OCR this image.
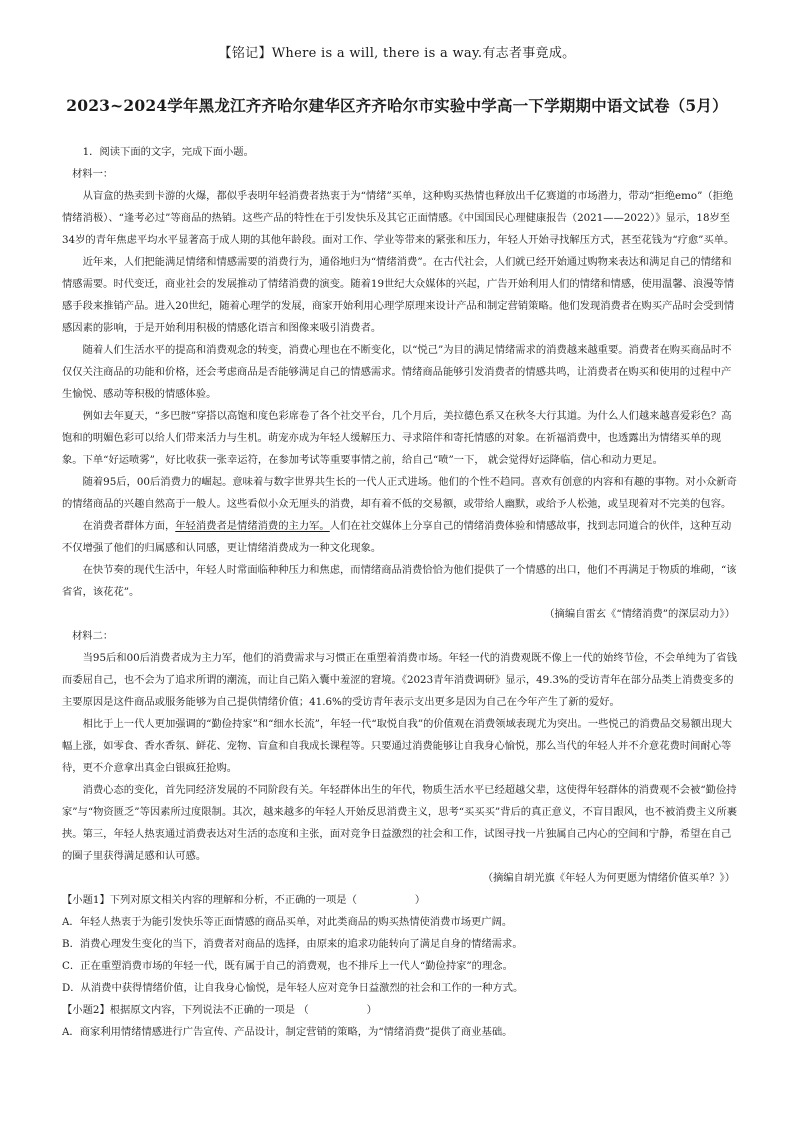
【铭记】Where is a will, there is a way.有志者事竟成。
2023~2024学年黑龙江齐齐哈尔建华区齐齐哈尔市实验中学高一下学期期中语文试卷（5月）

1．阅读下面的文字，完成下面小题。

材料一：

从盲盒的热卖到卡游的火爆，都似乎表明年轻消费者热衷于为“情绪”买单，这种购买热情也释放出千亿赛道的市场潜力，带动“拒绝emo”（拒绝情绪消极）、“逢考必过”等商品的热销。这些产品的特性在于引发快乐及其它正面情感。《中国国民心理健康报告（2021——2022）》显示，18岁至34岁的青年焦虑平均水平显著高于成人期的其他年龄段。面对工作、学业等带来的紧张和压力，年轻人开始寻找解压方式，甚至花钱为“疗愈”买单。

近年来，人们把能满足情绪和情感需要的消费行为，通俗地归为“情绪消费”。在古代社会，人们就已经开始通过购物来表达和满足自己的情绪和情感需要。时代变迁，商业社会的发展推动了情绪消费的演变。随着19世纪大众媒体的兴起，广告开始利用人们的情绪和情感，使用温馨、浪漫等情感手段来推销产品。进入20世纪，随着心理学的发展，商家开始利用心理学原理来设计产品和制定营销策略。他们发现消费者在购买产品时会受到情感因素的影响，于是开始利用积极的情感化语言和图像来吸引消费者。

随着人们生活水平的提高和消费观念的转变，消费心理也在不断变化，以“悦己”为目的满足情绪需求的消费越来越重要。消费者在购买商品时不仅仅关注商品的功能和价格，还会考虑商品是否能够满足自己的情感需求。情绪商品能够引发消费者的情感共鸣，让消费者在购买和使用的过程中产生愉悦、感动等积极的情感体验。

例如去年夏天，“多巴胺”穿搭以高饱和度色彩席卷了各个社交平台，几个月后，美拉德色系又在秋冬大行其道。为什么人们越来越喜爱彩色？高饱和的明媚色彩可以给人们带来活力与生机。萌宠亦成为年轻人缓解压力、寻求陪伴和寄托情感的对象。在祈福消费中，也透露出为情绪买单的现象。下单“好运喷雾”，好比收获一张幸运符，在参加考试等重要事情之前，给自己“喷”一下， 就会觉得好运降临，信心和动力更足。

随着95后，00后消费力的崛起。意味着与数字世界共生长的一代人正式进场。他们的个性不趋同。喜欢有创意的内容和有趣的事物。对小众新奇的情绪商品的兴趣自然高于一般人。这些看似小众无厘头的消费，却有着不低的交易额，或带给人幽默，或给予人松弛，或呈现着对不完美的包容。

在消费者群体方面，年轻消费者是情绪消费的主力军。人们在社交媒体上分享自己的情绪消费体验和情感故事，找到志同道合的伙伴，这种互动不仅增强了他们的归属感和认同感，更让情绪消费成为一种文化现象。

在快节奏的现代生活中，年轻人时常面临种种压力和焦虑，而情绪商品消费恰恰为他们提供了一个情感的出口，他们不再满足于物质的堆砌，“该省省，该花花”。

（摘编自雷玄《“情绪消费”的深层动力》）

材料二：

当95后和00后消费者成为主力军，他们的消费需求与习惯正在重塑着消费市场。年轻一代的消费观既不像上一代的始终节俭，不会单纯为了省钱而委屈自己，也不会为了追求所谓的潮流，而让自己陷入囊中羞涩的窘境。《2023青年消费调研》显示，49.3%的受访青年在部分品类上消费变多的主要原因是这件商品或服务能够为自己提供情绪价值；41.6%的受访青年表示支出更多是因为自己在今年产生了新的爱好。

相比于上一代人更加强调的“勤俭持家”和“细水长流”，年轻一代“取悦自我”的价值观在消费领域表现尤为突出。一些悦己的消费品交易额出现大幅上涨，如零食、香水香氛、鲜花、宠物、盲盒和自我成长课程等。只要通过消费能够让自我身心愉悦，那么当代的年轻人并不介意花费时间耐心等待，更不介意拿出真金白银疯狂抢购。

消费心态的变化，首先同经济发展的不同阶段有关。年轻群体出生的年代，物质生活水平已经超越父辈，这使得年轻群体的消费观不会被“勤俭持家”与“物资匮乏”等因素所过度限制。其次，越来越多的年轻人开始反思消费主义，思考“买买买”背后的真正意义，不盲目跟风，也不被消费主义所裹挟。第三，年轻人热衷通过消费表达对生活的态度和主张，面对竞争日益激烈的社会和工作，试图寻找一片独属自己内心的空间和宁静，希望在自己的圈子里获得满足感和认可感。

（摘编自胡光旗《年轻人为何更愿为情绪价值买单？》）

【小题1】下列对原文相关内容的理解和分析，不正确的一项是（	）

A．年轻人热衷于为能引发快乐等正面情感的商品买单，对此类商品的购买热情使消费市场更广阔。

B．消费心理发生变化的当下，消费者对商品的选择，由原来的追求功能转向了满足自身的情绪需求。

C．正在重塑消费市场的年轻一代，既有属于自己的消费观，也不排斥上一代人“勤俭持家”的理念。

D．从消费中获得情绪价值，让自我身心愉悦，是年轻人应对竞争日益激烈的社会和工作的一种方式。

【小题2】根据原文内容，下列说法不正确的一项是 （	）

A．商家利用情绪情感进行广告宣传、产品设计，制定营销的策略，为“情绪消费”提供了商业基础。
